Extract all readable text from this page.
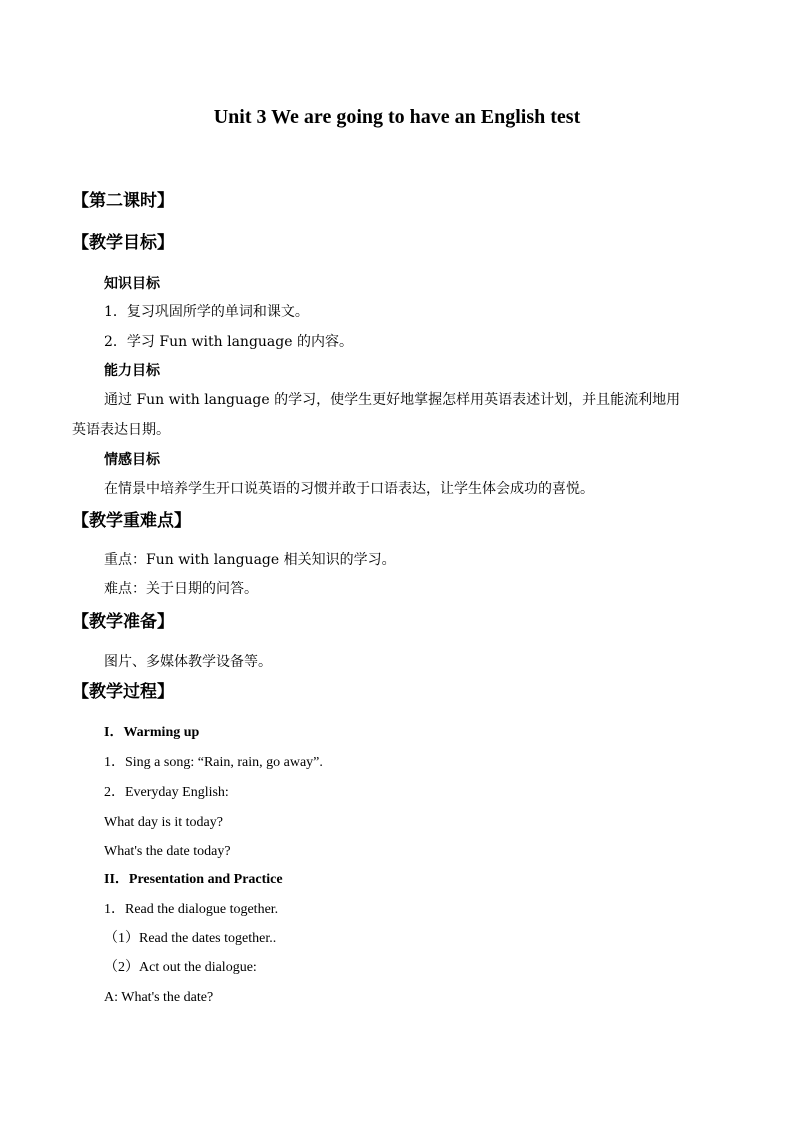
Unit 3 We are going to have an English test
【第二课时】
【教学目标】
知识目标
1．复习巩固所学的单词和课文。
2．学习 Fun with language 的内容。
能力目标
通过 Fun with language 的学习，使学生更好地掌握怎样用英语表述计划，并且能流利地用
英语表达日期。
情感目标
在情景中培养学生开口说英语的习惯并敢于口语表达，让学生体会成功的喜悦。
【教学重难点】
重点：Fun with language 相关知识的学习。
难点：关于日期的问答。
【教学准备】
图片、多媒体教学设备等。
【教学过程】
I．Warming up
1．Sing a song: “Rain, rain, go away”.
2．Everyday English:
What day is it today?
What's the date today?
II．Presentation and Practice
1．Read the dialogue together.
（1）Read the dates together..
（2）Act out the dialogue:
A: What's the date?
